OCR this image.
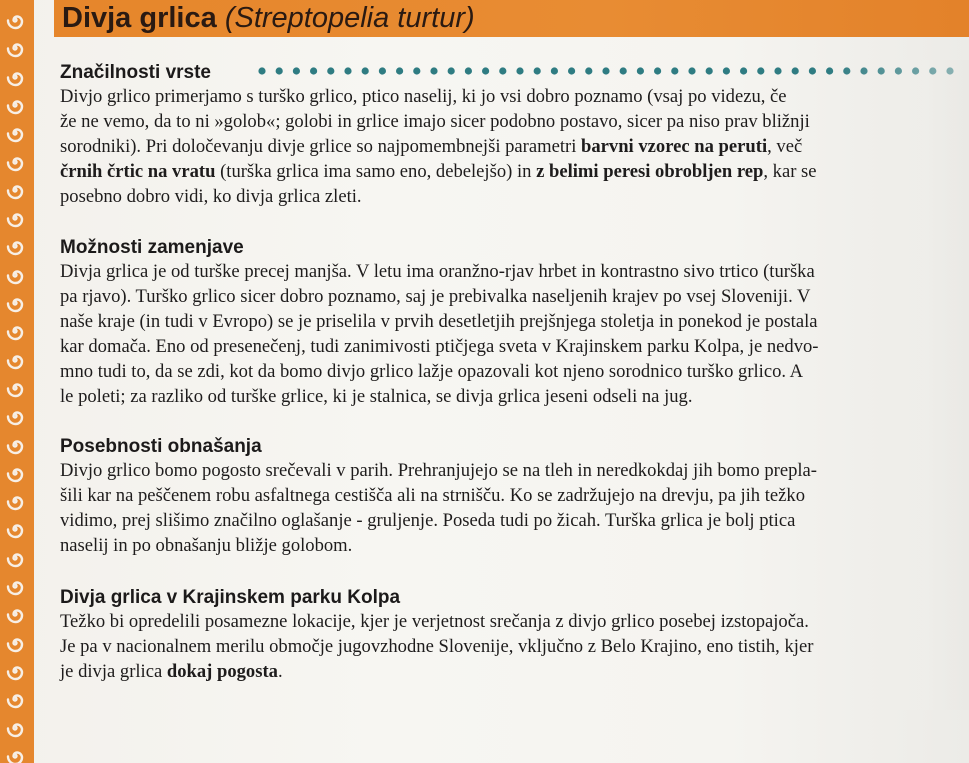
Divja grlica (Streptopelia turtur)
Značilnosti vrste

Divjo grlico primerjamo s turško grlico, ptico naselij, ki jo vsi dobro poznamo (vsaj po videzu, če
že ne vemo, da to ni »golob«; golobi in grlice imajo sicer podobno postavo, sicer pa niso prav bližnji
sorodniki). Pri določevanju divje grlice so najpomembnejši parametri barvni vzorec na peruti, več
črnih črtic na vratu (turška grlica ima samo eno, debelejšo) in z belimi peresi obrobljen rep, kar se
posebno dobro vidi, ko divja grlica zleti.

Možnosti zamenjave

Divja grlica je od turške precej manjša. V letu ima oranžno-rjav hrbet in kontrastno sivo trtico (turška
pa rjavo). Turško grlico sicer dobro poznamo, saj je prebivalka naseljenih krajev po vsej Sloveniji. V
naše kraje (in tudi v Evropo) se je priselila v prvih desetletjih prejšnjega stoletja in ponekod je postala
kar domača. Eno od presenečenj, tudi zanimivosti ptičjega sveta v Krajinskem parku Kolpa, je nedvo-
mno tudi to, da se zdi, kot da bomo divjo grlico lažje opazovali kot njeno sorodnico turško grlico. A
le poleti; za razliko od turške grlice, ki je stalnica, se divja grlica jeseni odseli na jug.

Posebnosti obnašanja

Divjo grlico bomo pogosto srečevali v parih. Prehranjujejo se na tleh in neredkokdaj jih bomo prepla-
šili kar na peščenem robu asfaltnega cestišča ali na strnišču. Ko se zadržujejo na drevju, pa jih težko
vidimo, prej slišimo značilno oglašanje - gruljenje. Poseda tudi po žicah. Turška grlica je bolj ptica
naselij in po obnašanju bližje golobom.

Divja grlica v Krajinskem parku Kolpa

Težko bi opredelili posamezne lokacije, kjer je verjetnost srečanja z divjo grlico posebej izstopajoča.
Je pa v nacionalnem merilu območje jugovzhodne Slovenije, vključno z Belo Krajino, eno tistih, kjer
je divja grlica dokaj pogosta.
